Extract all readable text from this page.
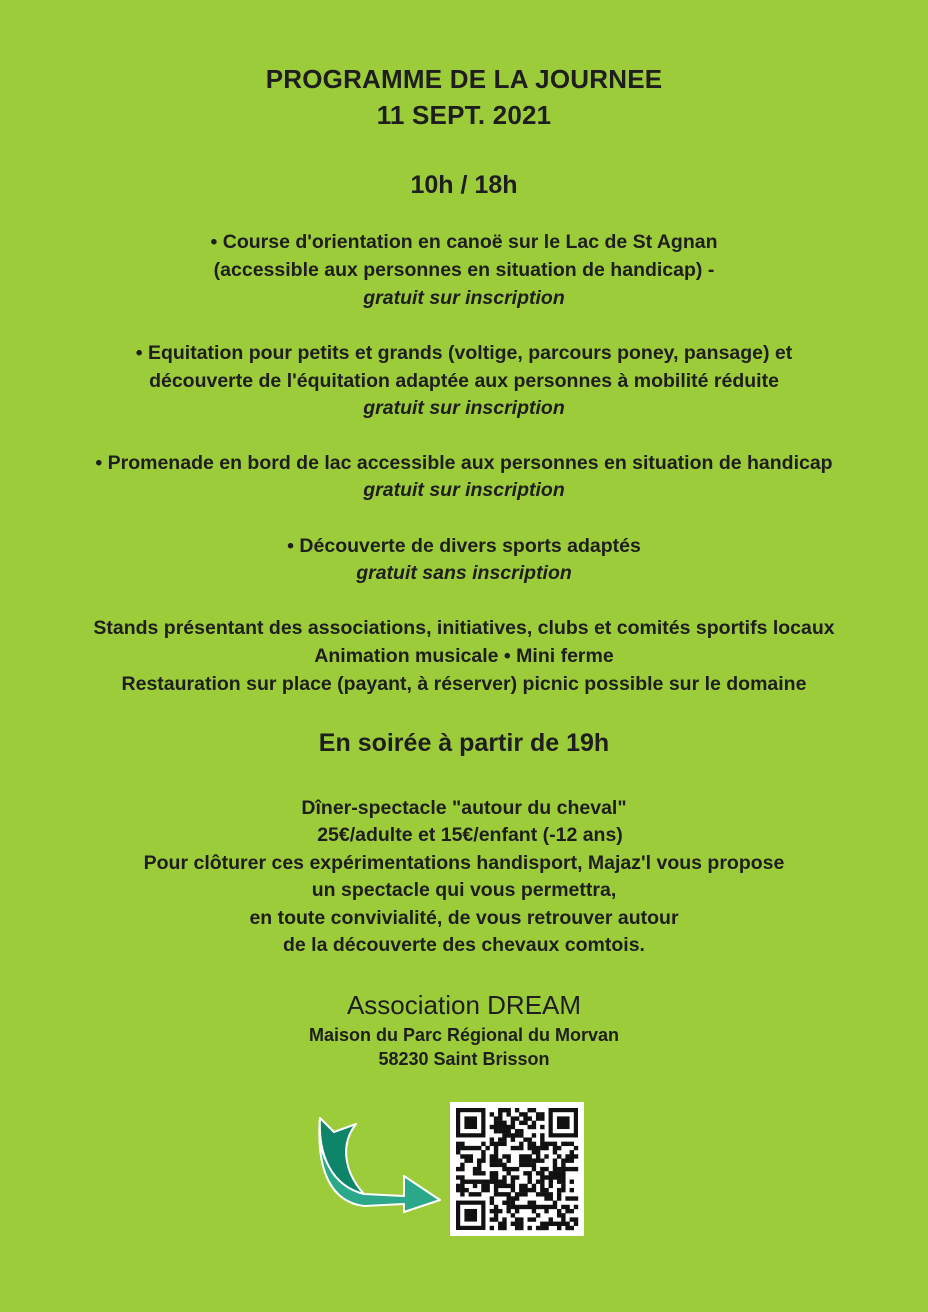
PROGRAMME DE LA JOURNEE
11 SEPT. 2021
10h / 18h
• Course d'orientation en canoë sur le Lac de St Agnan
(accessible aux personnes en situation de handicap) -
gratuit sur inscription
• Equitation pour petits et grands (voltige, parcours poney, pansage) et
découverte de l'équitation adaptée aux personnes à mobilité réduite
gratuit sur inscription
• Promenade en bord de lac accessible aux personnes en situation de handicap
gratuit sur inscription
• Découverte de divers sports adaptés
gratuit sans inscription
Stands présentant des associations, initiatives, clubs et comités sportifs locaux
Animation musicale • Mini ferme
Restauration sur place (payant, à réserver) picnic possible sur le domaine
En soirée à partir de 19h
Dîner-spectacle "autour du cheval"
25€/adulte et 15€/enfant (-12 ans)
Pour clôturer ces expérimentations handisport, Majaz'l vous propose
un spectacle qui vous permettra,
en toute convivialité, de vous retrouver autour
de la découverte des chevaux comtois.
Association DREAM
Maison du Parc Régional du Morvan
58230 Saint Brisson
